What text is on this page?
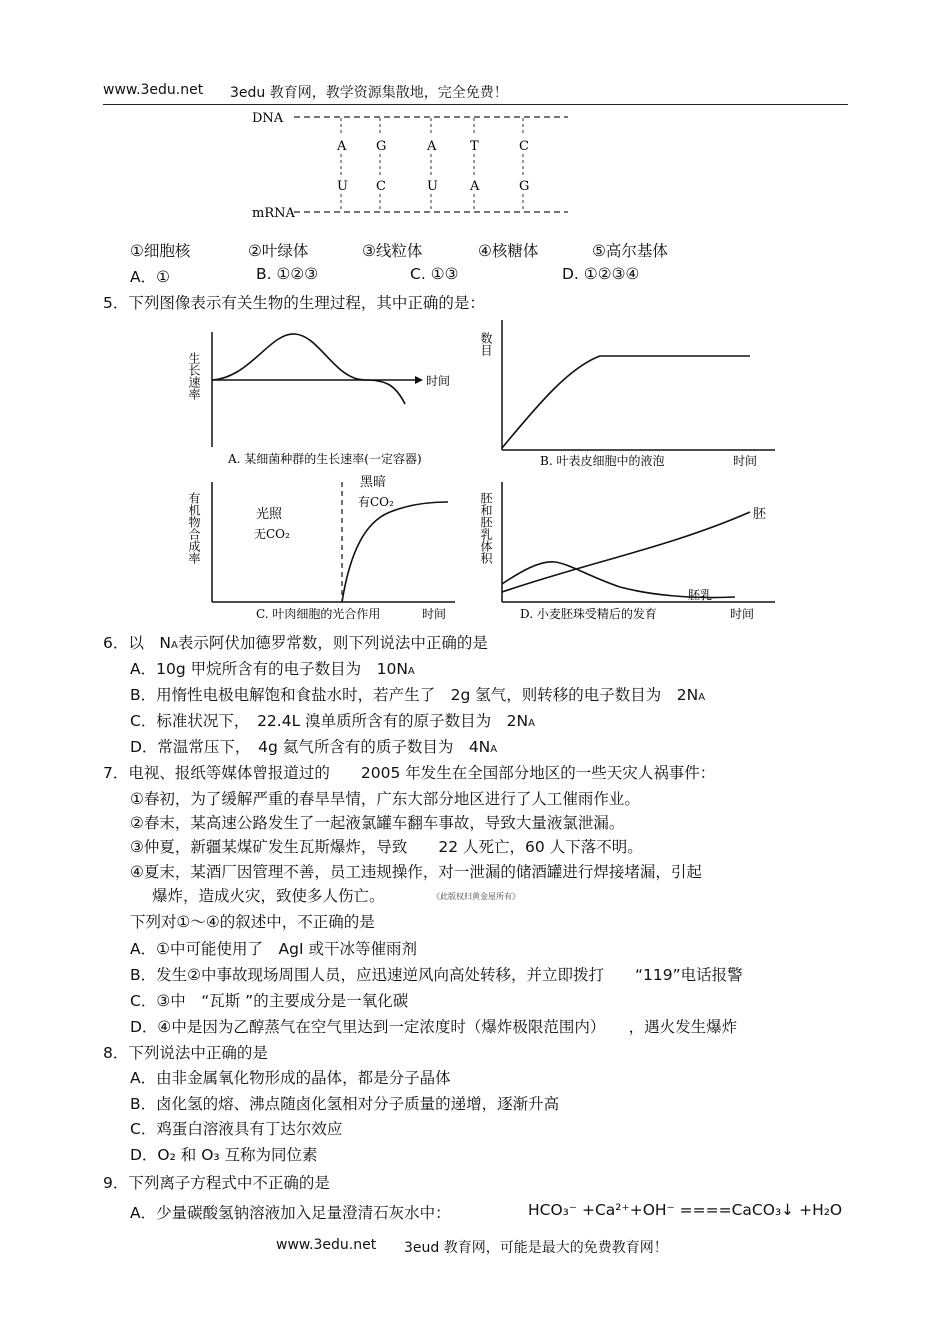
www.3edu.net 3edu 教育网，教学资源集散地，完全免费！
DNA
mRNA
A
U
G
C
A
U
T
A
C
G
①细胞核	②叶绿体	③线粒体	④核糖体	⑤高尔基体
A．①	B. ①②③	C. ①③	D. ①②③④
5．下列图像表示有关生物的生理过程，其中正确的是：
时间
生长速率
A. 某细菌种群的生长速率(一定容器)
数目
B. 叶表皮细胞中的液泡	时间
有机物合成率	光照
无CO₂
黑暗
有CO₂
C. 叶肉细胞的光合作用	时间
胚和胚乳体积	胚
胚乳
D. 小麦胚珠受精后的发育	时间
6．以　 NA表示阿伏加德罗常数，则下列说法中正确的是
A．10g 甲烷所含有的电子数目为　10NA
B．用惰性电极电解饱和食盐水时，若产生了　2g 氢气，则转移的电子数目为　2NA
C．标准状况下，　22.4L 溴单质所含有的原子数目为　2NA
D．常温常压下，　4g 氦气所含有的质子数目为　4NA
7．电视、报纸等媒体曾报道过的　　2005 年发生在全国部分地区的一些天灾人祸事件：
①春初，为了缓解严重的春旱旱情，广东大部分地区进行了人工催雨作业。
②春末，某高速公路发生了一起液氯罐车翻车事故，导致大量液氯泄漏。
③仲夏，新疆某煤矿发生瓦斯爆炸，导致　　22 人死亡，60 人下落不明。
④夏末，某酒厂因管理不善，员工违规操作，对一泄漏的储酒罐进行焊接堵漏，引起
爆炸，造成火灾，致使多人伤亡。	《此版权归黄金屋所有》
下列对①～④的叙述中，不正确的是
A．①中可能使用了　AgI 或干冰等催雨剂
B．发生②中事故现场周围人员，应迅速逆风向高处转移，并立即拨打　　“119”电话报警
C．③中　“瓦斯 ”的主要成分是一氧化碳
D．④中是因为乙醇蒸气在空气里达到一定浓度时（爆炸极限范围内）　　，遇火发生爆炸
8．下列说法中正确的是
A．由非金属氧化物形成的晶体，都是分子晶体
B．卤化氢的熔、沸点随卤化氢相对分子质量的递增，逐渐升高
C．鸡蛋白溶液具有丁达尔效应
D．O₂ 和 O₃ 互称为同位素
9．下列离子方程式中不正确的是
A．少量碳酸氢钠溶液加入足量澄清石灰水中：	HCO₃⁻ +Ca²⁺+OH⁻ ====CaCO₃↓ +H₂O
www.3edu.net 3eud 教育网，可能是最大的免费教育网！
